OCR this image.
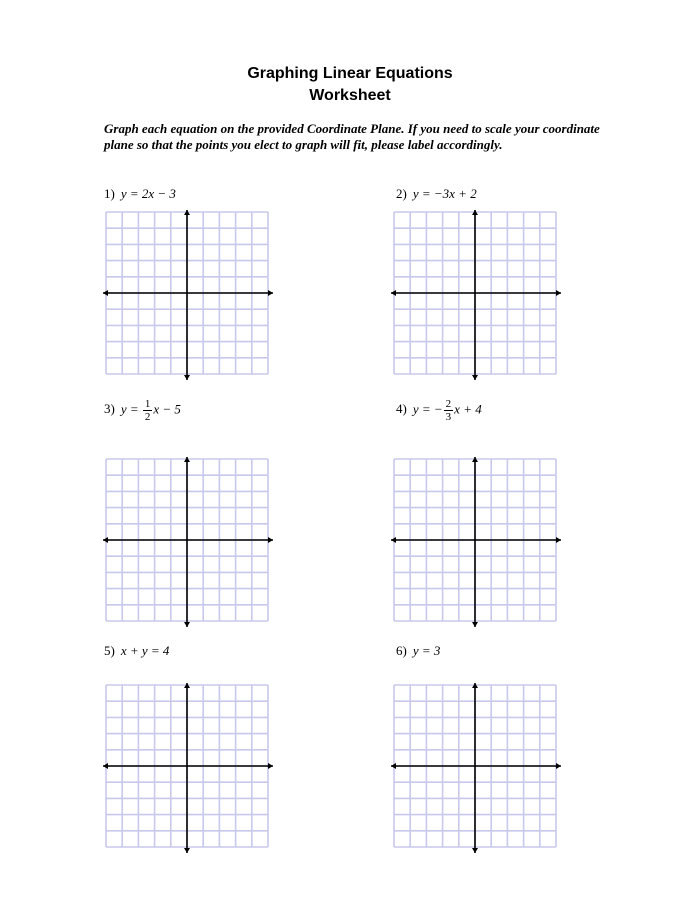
Graphing Linear Equations
Worksheet
Graph each equation on the provided Coordinate Plane. If you need to scale your coordinate plane so that the points you elect to graph will fit, please label accordingly.
1) y = 2x − 3	2) y = −3x + 2
3) $y = \frac{1}{2}$ x − 5	4) y = − $\frac{2}{3}$ x + 4
5) x + y = 4	6) y = 3
